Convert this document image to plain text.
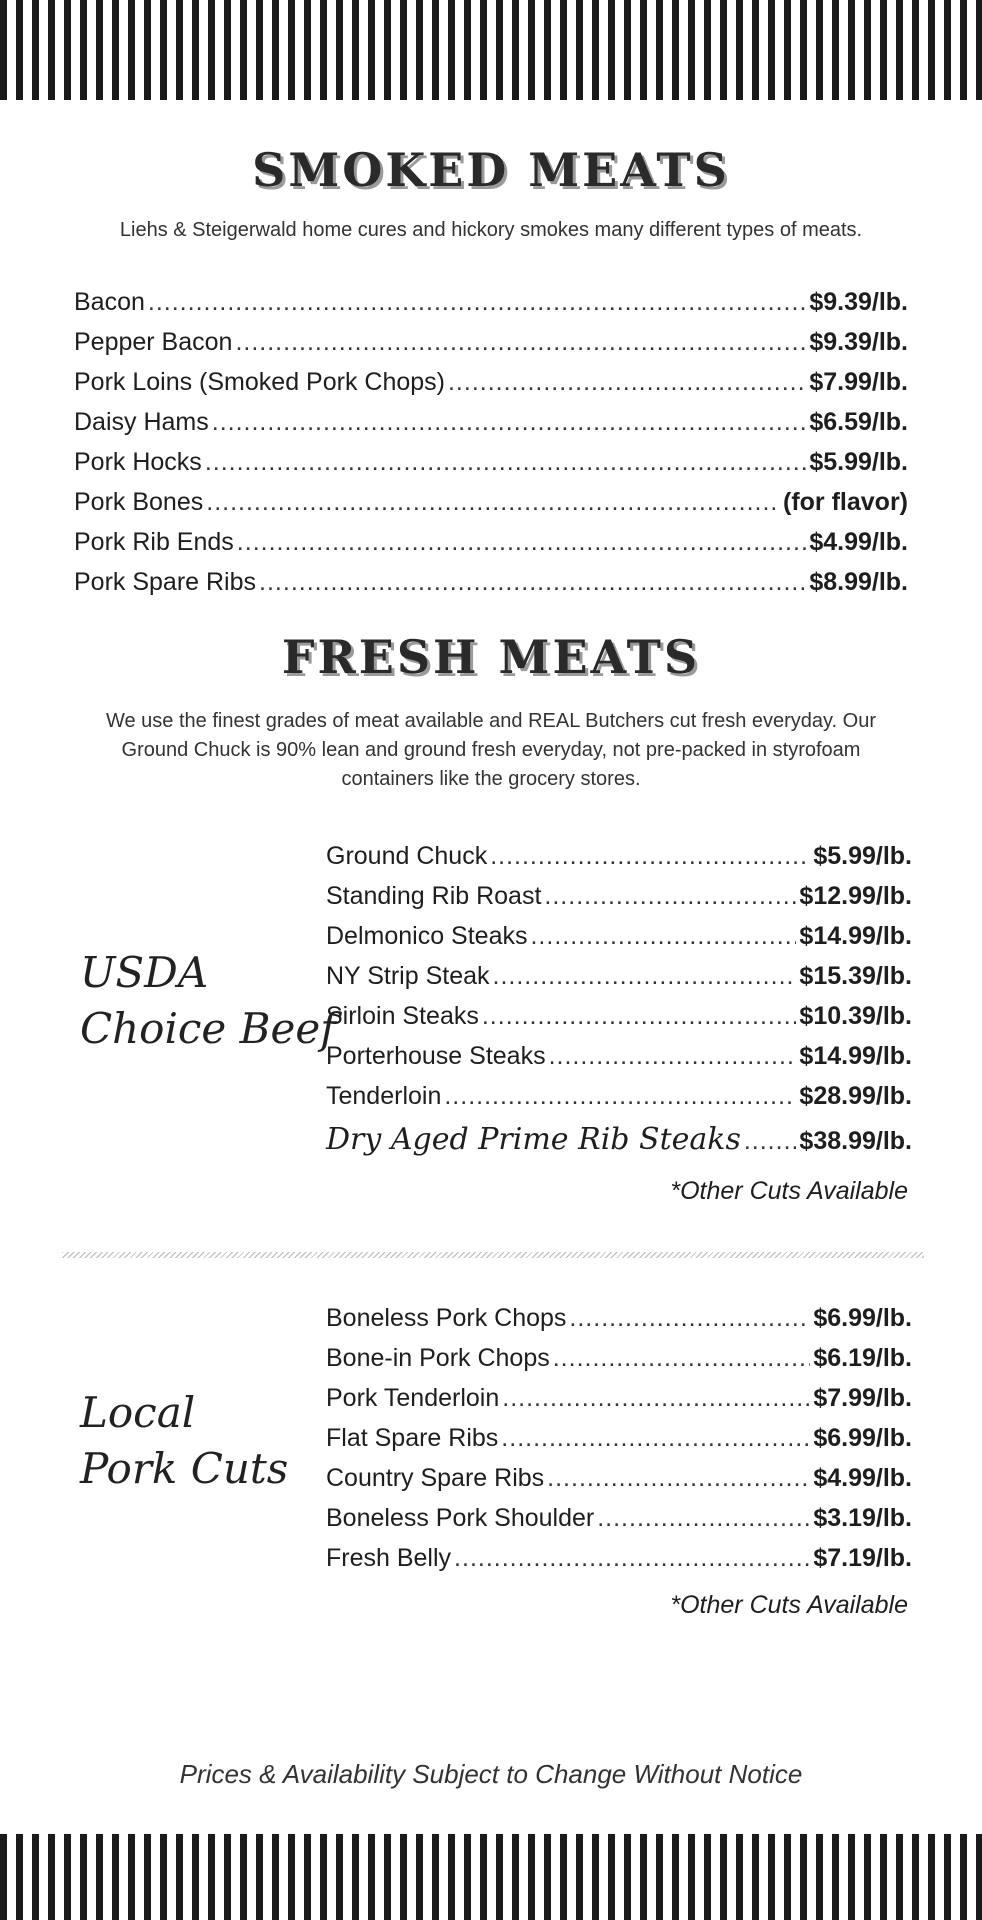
SMOKED MEATS

Liehs & Steigerwald home cures and hickory smokes many different types of meats.

Bacon .....	$9.39/lb.
Pepper Bacon .....	$9.39/lb.
Pork Loins (Smoked Pork Chops) .....	$7.99/lb.
Daisy Hams .....	$6.59/lb.
Pork Hocks .....	$5.99/lb.
Pork Bones .....	(for flavor)
Pork Rib Ends .....	$4.99/lb.
Pork Spare Ribs .....	$8.99/lb.
FRESH MEATS

We use the finest grades of meat available and REAL Butchers cut fresh everyday. Our Ground Chuck is 90% lean and ground fresh everyday, not pre-packed in styrofoam containers like the grocery stores.

USDA
Choice Beef

Ground Chuck .....	$5.99/lb.
Standing Rib Roast .....	$12.99/lb.
Delmonico Steaks .....	$14.99/lb.
NY Strip Steak .....	$15.39/lb.
Sirloin Steaks .....	$10.39/lb.
Porterhouse Steaks .....	$14.99/lb.
Tenderloin .....	$28.99/lb.
Dry Aged Prime Rib Steaks ..... $38.99/lb.

*Other Cuts Available

Local
Pork Cuts

Boneless Pork Chops .....	$6.99/lb.
Bone-in Pork Chops .....	$6.19/lb.
Pork Tenderloin .....	$7.99/lb.
Flat Spare Ribs .....	$6.99/lb.
Country Spare Ribs .....	$4.99/lb.
Boneless Pork Shoulder .....	$3.19/lb.
Fresh Belly .....	$7.19/lb.

*Other Cuts Available

Prices & Availability Subject to Change Without Notice
